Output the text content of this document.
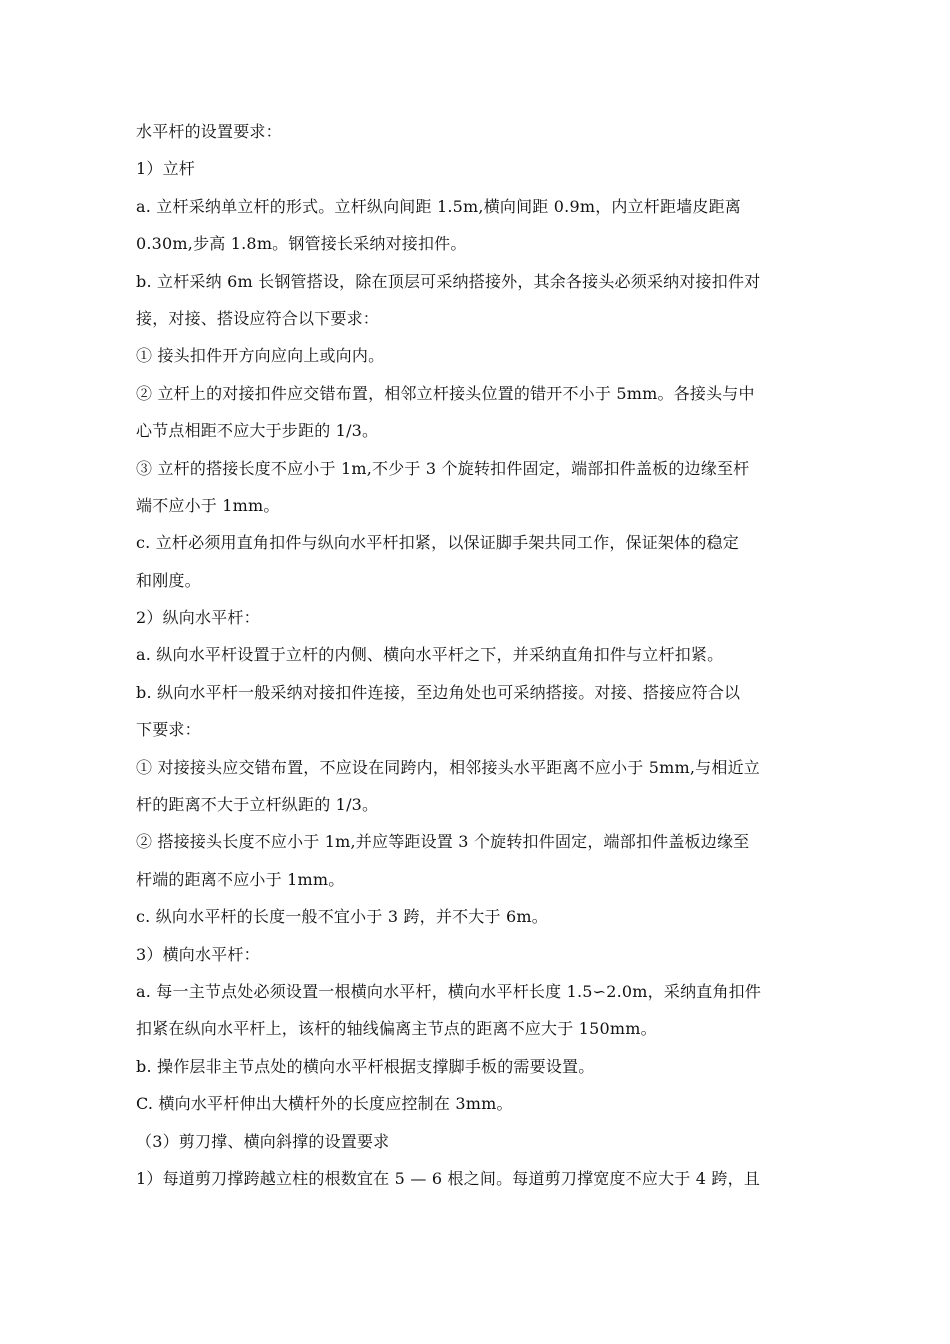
水平杆的设置要求：
1）立杆
a. 立杆采纳单立杆的形式。立杆纵向间距 1.5m,横向间距 0.9m，内立杆距墙皮距离
0.30m,步高 1.8m。钢管接长采纳对接扣件。
b. 立杆采纳 6m 长钢管搭设，除在顶层可采纳搭接外，其余各接头必须采纳对接扣件对
接，对接、搭设应符合以下要求：
① 接头扣件开方向应向上或向内。
② 立杆上的对接扣件应交错布置，相邻立杆接头位置的错开不小于 5mm。各接头与中
心节点相距不应大于步距的 1/3。
③ 立杆的搭接长度不应小于 1m,不少于 3 个旋转扣件固定，端部扣件盖板的边缘至杆
端不应小于 1mm。
c. 立杆必须用直角扣件与纵向水平杆扣紧，以保证脚手架共同工作，保证架体的稳定
和刚度。
2）纵向水平杆：
a. 纵向水平杆设置于立杆的内侧、横向水平杆之下，并采纳直角扣件与立杆扣紧。
b. 纵向水平杆一般采纳对接扣件连接，至边角处也可采纳搭接。对接、搭接应符合以
下要求：
① 对接接头应交错布置，不应设在同跨内，相邻接头水平距离不应小于 5mm,与相近立
杆的距离不大于立杆纵距的 1/3。
② 搭接接头长度不应小于 1m,并应等距设置 3 个旋转扣件固定，端部扣件盖板边缘至
杆端的距离不应小于 1mm。
c. 纵向水平杆的长度一般不宜小于 3 跨，并不大于 6m。
3）横向水平杆：
a. 每一主节点处必须设置一根横向水平杆，横向水平杆长度 1.5∽2.0m，采纳直角扣件
扣紧在纵向水平杆上，该杆的轴线偏离主节点的距离不应大于 150mm。
b. 操作层非主节点处的横向水平杆根据支撑脚手板的需要设置。
C. 横向水平杆伸出大横杆外的长度应控制在 3mm。
（3）剪刀撑、横向斜撑的设置要求
1）每道剪刀撑跨越立柱的根数宜在 5 — 6 根之间。每道剪刀撑宽度不应大于 4 跨，且
